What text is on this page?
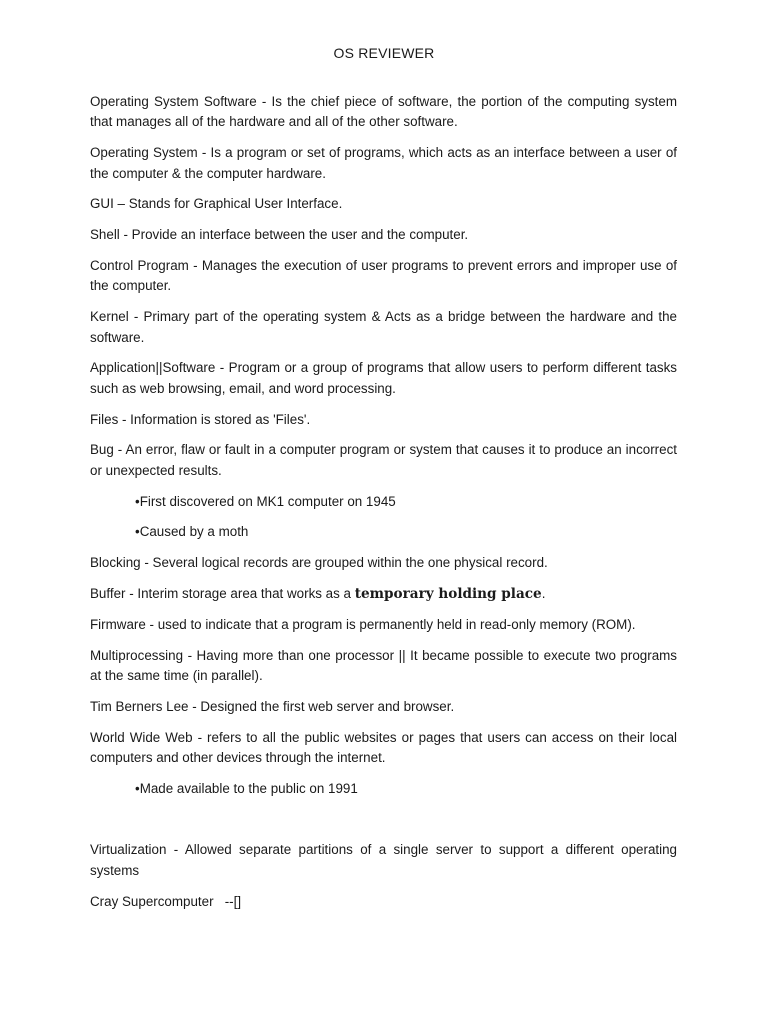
OS REVIEWER

Operating System Software - Is the chief piece of software, the portion of the computing system that manages all of the hardware and all of the other software.

Operating System - Is a program or set of programs, which acts as an interface between a user of the computer & the computer hardware.

GUI – Stands for Graphical User Interface.

Shell - Provide an interface between the user and the computer.

Control Program - Manages the execution of user programs to prevent errors and improper use of the computer.

Kernel - Primary part of the operating system & Acts as a bridge between the hardware and the software.

Application||Software - Program or a group of programs that allow users to perform different tasks such as web browsing, email, and word processing.

Files - Information is stored as 'Files'.

Bug - An error, flaw or fault in a computer program or system that causes it to produce an incorrect or unexpected results.

•First discovered on MK1 computer on 1945

•Caused by a moth

Blocking - Several logical records are grouped within the one physical record.

Buffer - Interim storage area that works as a temporary holding place.

Firmware - used to indicate that a program is permanently held in read-only memory (ROM).

Multiprocessing - Having more than one processor || It became possible to execute two programs at the same time (in parallel).

Tim Berners Lee - Designed the first web server and browser.

World Wide Web - refers to all the public websites or pages that users can access on their local computers and other devices through the internet.

•Made available to the public on 1991

Virtualization - Allowed separate partitions of a single server to support a different operating systems

Cray Supercomputer   --[]
